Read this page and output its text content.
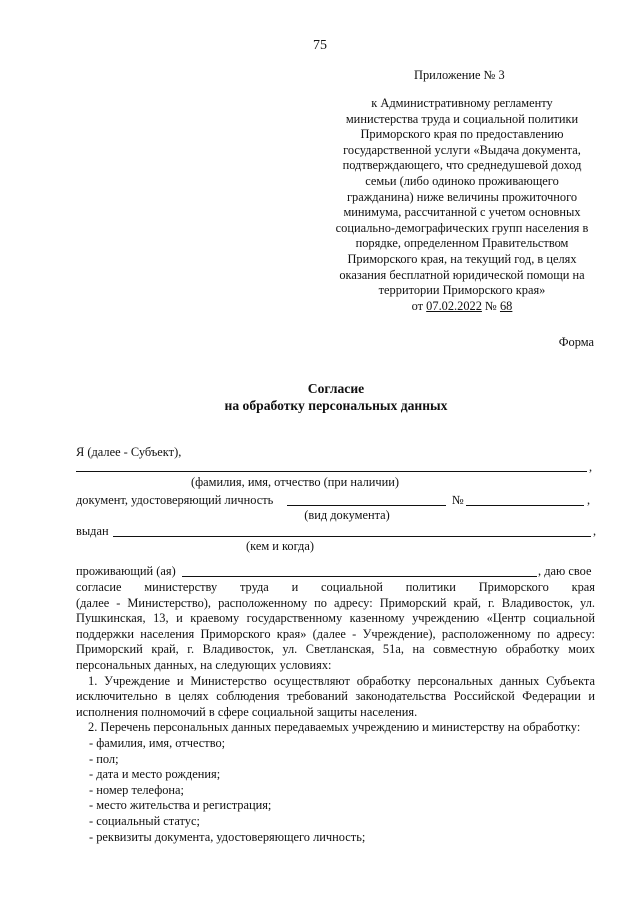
75
Приложение № 3
к Административному регламенту
министерства труда и социальной политики
Приморского края по предоставлению
государственной услуги «Выдача документа,
подтверждающего, что среднедушевой доход
семьи (либо одиноко проживающего
гражданина) ниже величины прожиточного
минимума, рассчитанной с учетом основных
социально-демографических групп населения в
порядке, определенном Правительством
Приморского края, на текущий год, в целях
оказания бесплатной юридической помощи на
территории Приморского края»
от 07.02.2022 № 68
Форма
Согласие
на обработку персональных данных
Я (далее - Субъект),
,
(фамилия, имя, отчество (при наличии)
документ, удостоверяющий личность	№	,
(вид документа)
выдан	,
(кем и когда)
проживающий (ая)	, даю свое

согласие министерству труда и социальной политики Приморского края

(далее - Министерство), расположенному по адресу: Приморский край, г. Владивосток, ул. Пушкинская, 13, и краевому государственному казенному учреждению «Центр социальной поддержки населения Приморского края» (далее - Учреждение), расположенному по адресу: Приморский край, г. Владивосток, ул. Светланская, 51а, на совместную обработку моих персональных данных, на следующих условиях:

1. Учреждение и Министерство осуществляют обработку персональных данных Субъекта исключительно в целях соблюдения требований законодательства Российской Федерации и исполнения полномочий в сфере социальной защиты населения.

2. Перечень персональных данных передаваемых учреждению и министерству на обработку:

- фамилия, имя, отчество;

- пол;

- дата и место рождения;

- номер телефона;

- место жительства и регистрация;

- социальный статус;

- реквизиты документа, удостоверяющего личность;
